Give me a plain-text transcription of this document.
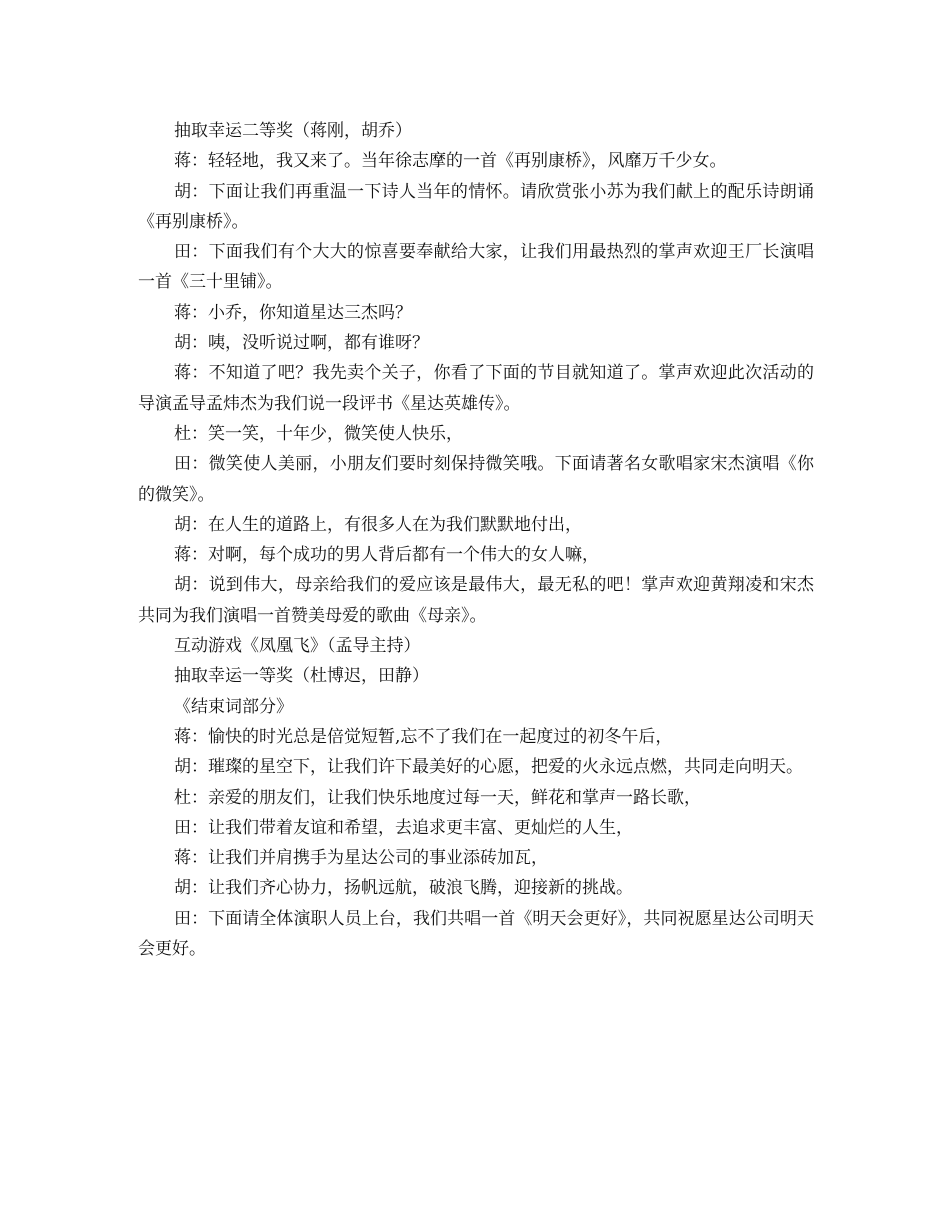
抽取幸运二等奖（蒋刚，胡乔）

蒋：轻轻地，我又来了。当年徐志摩的一首《再别康桥》，风靡万千少女。

胡：下面让我们再重温一下诗人当年的情怀。请欣赏张小苏为我们献上的配乐诗朗诵《再别康桥》。

田：下面我们有个大大的惊喜要奉献给大家，让我们用最热烈的掌声欢迎王厂长演唱一首《三十里铺》。

蒋：小乔，你知道星达三杰吗？

胡：咦，没听说过啊，都有谁呀？

蒋：不知道了吧？我先卖个关子，你看了下面的节目就知道了。掌声欢迎此次活动的导演孟导孟炜杰为我们说一段评书《星达英雄传》。

杜：笑一笑，十年少，微笑使人快乐，

田：微笑使人美丽，小朋友们要时刻保持微笑哦。下面请著名女歌唱家宋杰演唱《你的微笑》。

胡：在人生的道路上，有很多人在为我们默默地付出，

蒋：对啊，每个成功的男人背后都有一个伟大的女人嘛，

胡：说到伟大，母亲给我们的爱应该是最伟大，最无私的吧！掌声欢迎黄翔凌和宋杰共同为我们演唱一首赞美母爱的歌曲《母亲》。

互动游戏《凤凰飞》（孟导主持）

抽取幸运一等奖（杜博迟，田静）

《结束词部分》

蒋：愉快的时光总是倍觉短暂,忘不了我们在一起度过的初冬午后，

胡：璀璨的星空下，让我们许下最美好的心愿，把爱的火永远点燃，共同走向明天。

杜：亲爱的朋友们，让我们快乐地度过每一天，鲜花和掌声一路长歌，

田：让我们带着友谊和希望，去追求更丰富、更灿烂的人生，

蒋：让我们并肩携手为星达公司的事业添砖加瓦，

胡：让我们齐心协力，扬帆远航，破浪飞腾，迎接新的挑战。

田：下面请全体演职人员上台，我们共唱一首《明天会更好》，共同祝愿星达公司明天会更好。
